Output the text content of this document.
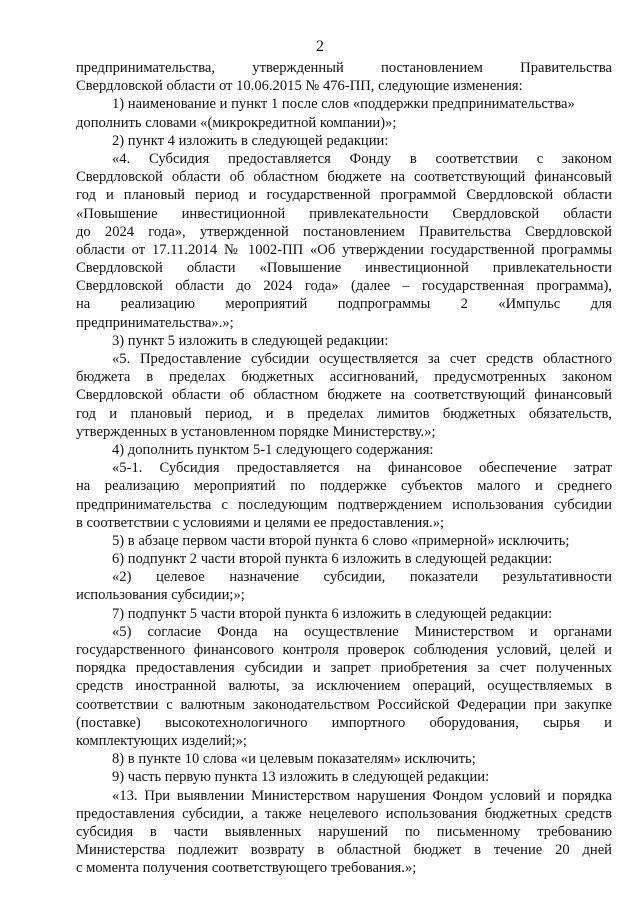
2
предпринимательства, утвержденный постановлением Правительства
Свердловской области от 10.06.2015 № 476-ПП, следующие изменения:
1) наименование и пункт 1 после слов «поддержки предпринимательства»
дополнить словами «(микрокредитной компании)»;
2) пункт 4 изложить в следующей редакции:
«4. Субсидия предоставляется Фонду в соответствии с законом
Свердловской области об областном бюджете на соответствующий финансовый
год и плановый период и государственной программой Свердловской области
«Повышение инвестиционной привлекательности Свердловской области
до 2024 года», утвержденной постановлением Правительства Свердловской
области от 17.11.2014 № 1002-ПП «Об утверждении государственной программы
Свердловской области «Повышение инвестиционной привлекательности
Свердловской области до 2024 года» (далее – государственная программа),
на реализацию мероприятий подпрограммы 2 «Импульс для
предпринимательства».»;
3) пункт 5 изложить в следующей редакции:
«5. Предоставление субсидии осуществляется за счет средств областного
бюджета в пределах бюджетных ассигнований, предусмотренных законом
Свердловской области об областном бюджете на соответствующий финансовый
год и плановый период, и в пределах лимитов бюджетных обязательств,
утвержденных в установленном порядке Министерству.»;
4) дополнить пунктом 5-1 следующего содержания:
«5-1. Субсидия предоставляется на финансовое обеспечение затрат
на реализацию мероприятий по поддержке субъектов малого и среднего
предпринимательства с последующим подтверждением использования субсидии
в соответствии с условиями и целями ее предоставления.»;
5) в абзаце первом части второй пункта 6 слово «примерной» исключить;
6) подпункт 2 части второй пункта 6 изложить в следующей редакции:
«2) целевое назначение субсидии, показатели результативности
использования субсидии;»;
7) подпункт 5 части второй пункта 6 изложить в следующей редакции:
«5) согласие Фонда на осуществление Министерством и органами
государственного финансового контроля проверок соблюдения условий, целей и
порядка предоставления субсидии и запрет приобретения за счет полученных
средств иностранной валюты, за исключением операций, осуществляемых в
соответствии с валютным законодательством Российской Федерации при закупке
(поставке) высокотехнологичного импортного оборудования, сырья и
комплектующих изделий;»;
8) в пункте 10 слова «и целевым показателям» исключить;
9) часть первую пункта 13 изложить в следующей редакции:
«13. При выявлении Министерством нарушения Фондом условий и порядка
предоставления субсидии, а также нецелевого использования бюджетных средств
субсидия в части выявленных нарушений по письменному требованию
Министерства подлежит возврату в областной бюджет в течение 20 дней
с момента получения соответствующего требования.»;
